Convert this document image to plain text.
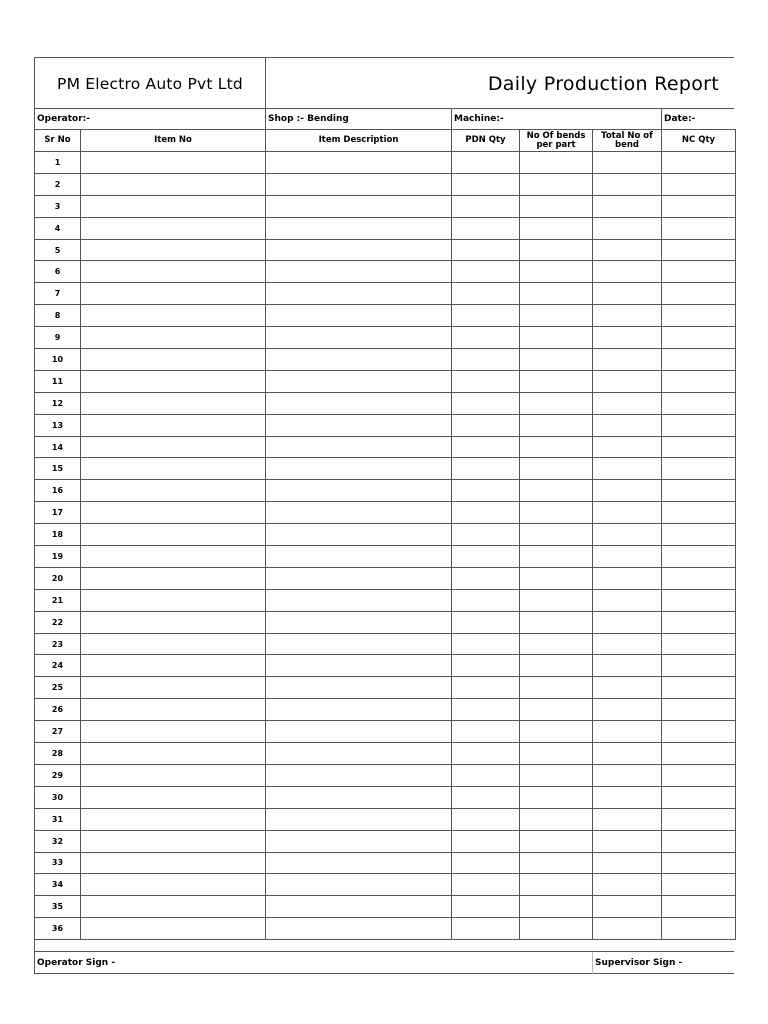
PM Electro Auto Pvt Ltd	Daily Production Report
Operator:-	Shop :- Bending	Machine:-	Date:-
Sr No	Item No	Item Description	PDN Qty	No Of bends per part	Total No of bend	NC Qty
1						
2						
3						
4						
5						
6						
7						
8						
9						
10						
11						
12						
13						
14						
15						
16						
17						
18						
19						
20						
21						
22						
23						
24						
25						
26						
27						
28						
29						
30						
31						
32						
33						
34						
35						
36						
Operator Sign -	Supervisor Sign -
